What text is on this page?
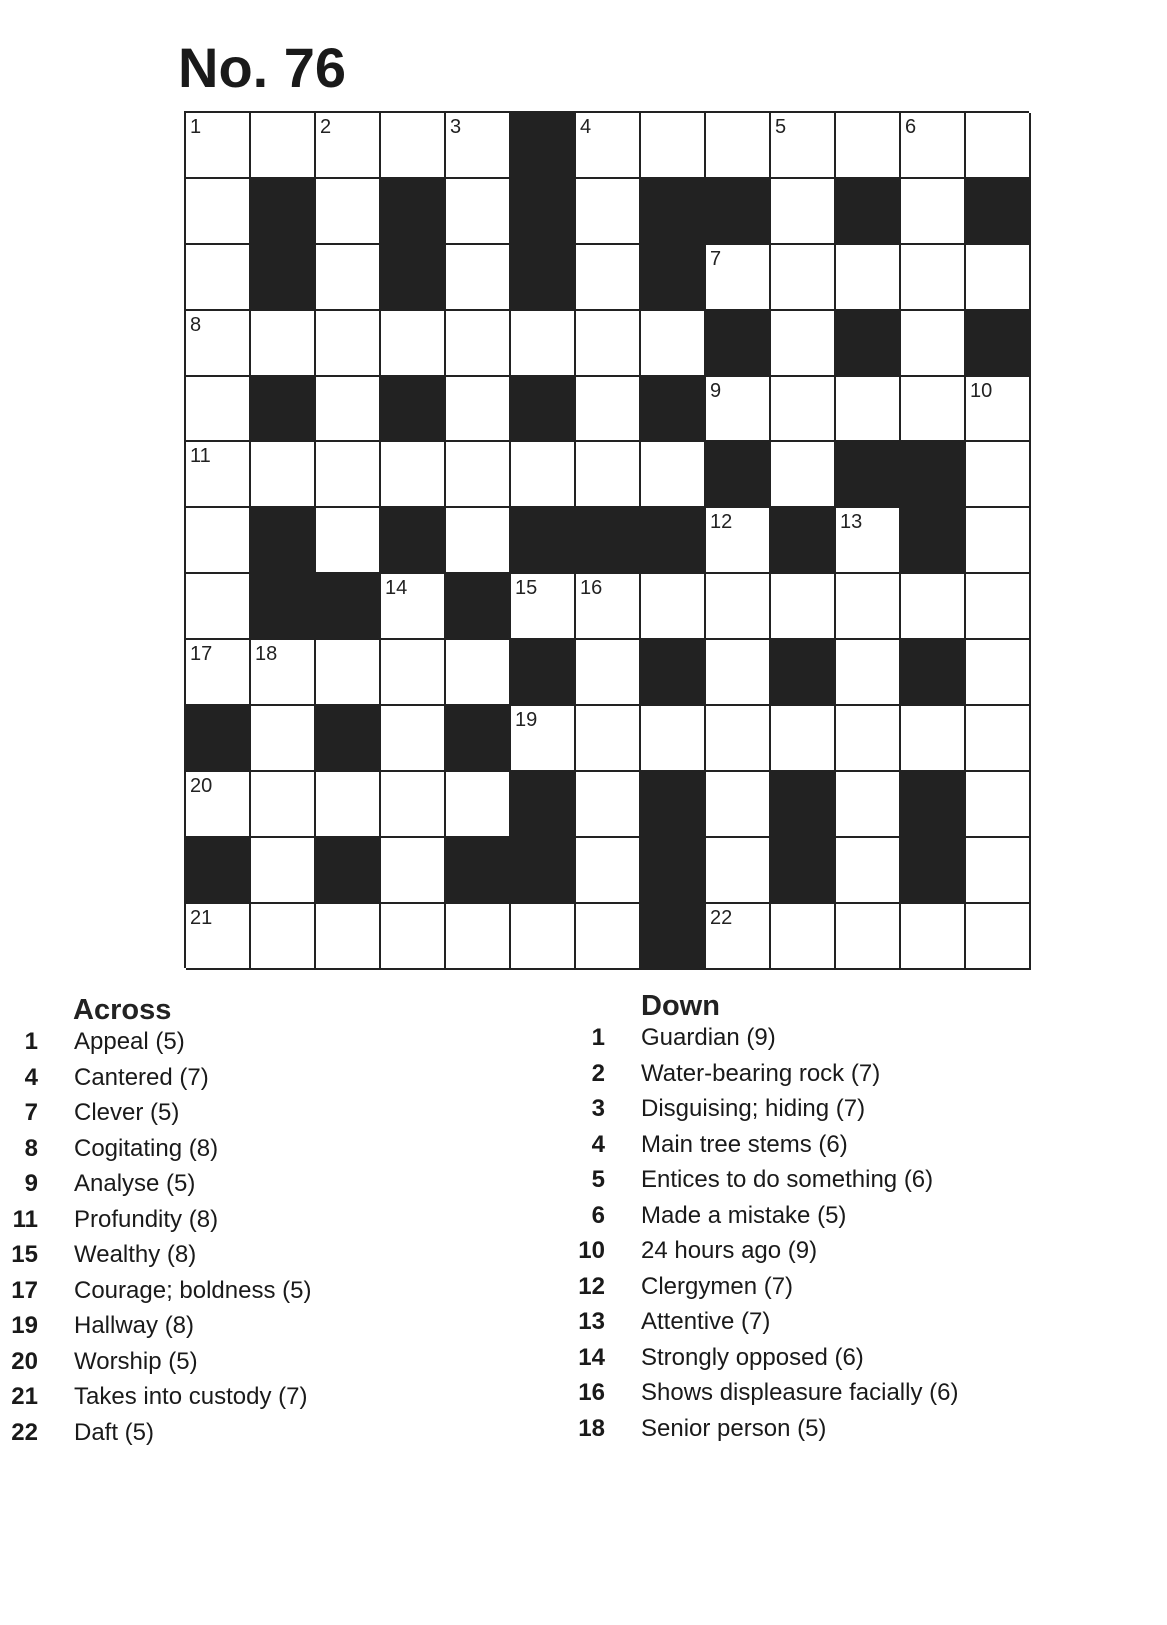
No. 76
1	2	3	4	5	6
7
8
9	10
11
12	13
14	15 16
17 18
19
20
21	22
Across
1 Appeal (5)
4 Cantered (7)
7 Clever (5)
8 Cogitating (8)
9 Analyse (5)
11 Profundity (8)
15 Wealthy (8)
17 Courage; boldness (5)
19 Hallway (8)
20 Worship (5)
21 Takes into custody (7)
22 Daft (5)
Down
1 Guardian (9)
2 Water-bearing rock (7)
3 Disguising; hiding (7)
4 Main tree stems (6)
5 Entices to do something (6)
6 Made a mistake (5)
10 24 hours ago (9)
12 Clergymen (7)
13 Attentive (7)
14 Strongly opposed (6)
16 Shows displeasure facially (6)
18 Senior person (5)
